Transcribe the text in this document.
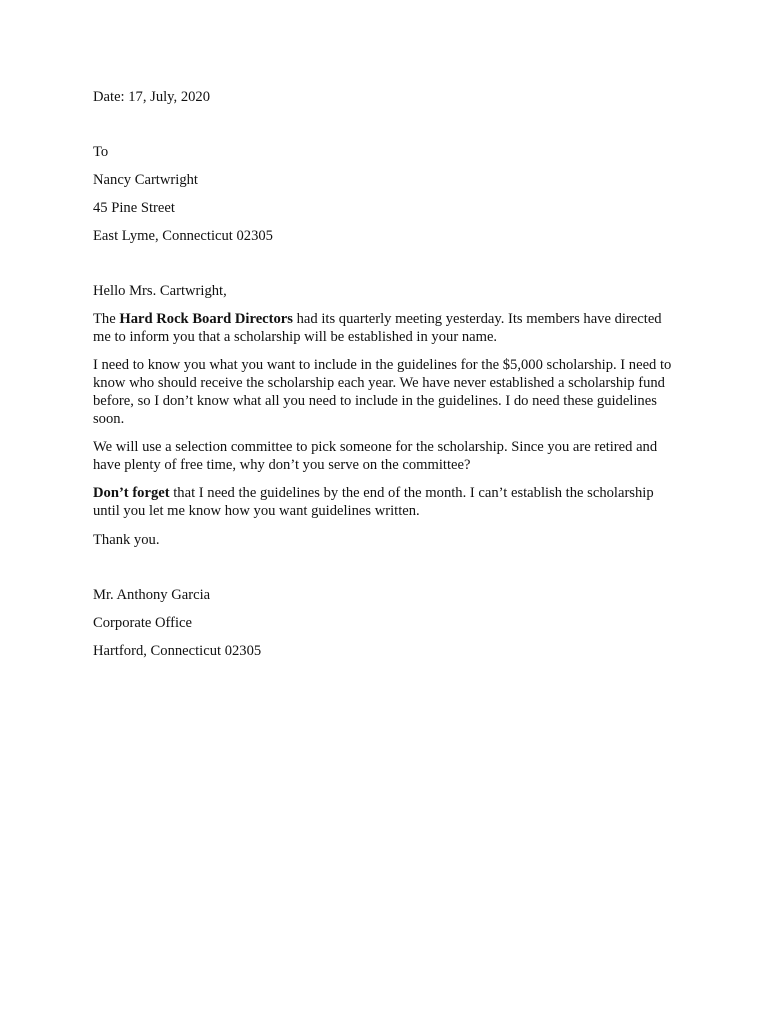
Date: 17, July, 2020
To
Nancy Cartwright
45 Pine Street
East Lyme, Connecticut 02305
Hello Mrs. Cartwright,
The Hard Rock Board Directors had its quarterly meeting yesterday. Its members have directed me to inform you that a scholarship will be established in your name.
I need to know you what you want to include in the guidelines for the $5,000 scholarship. I need to know who should receive the scholarship each year. We have never established a scholarship fund before, so I don’t know what all you need to include in the guidelines. I do need these guidelines soon.
We will use a selection committee to pick someone for the scholarship. Since you are retired and have plenty of free time, why don’t you serve on the committee?
Don’t forget that I need the guidelines by the end of the month. I can’t establish the scholarship until you let me know how you want guidelines written.
Thank you.
Mr. Anthony Garcia
Corporate Office
Hartford, Connecticut 02305
